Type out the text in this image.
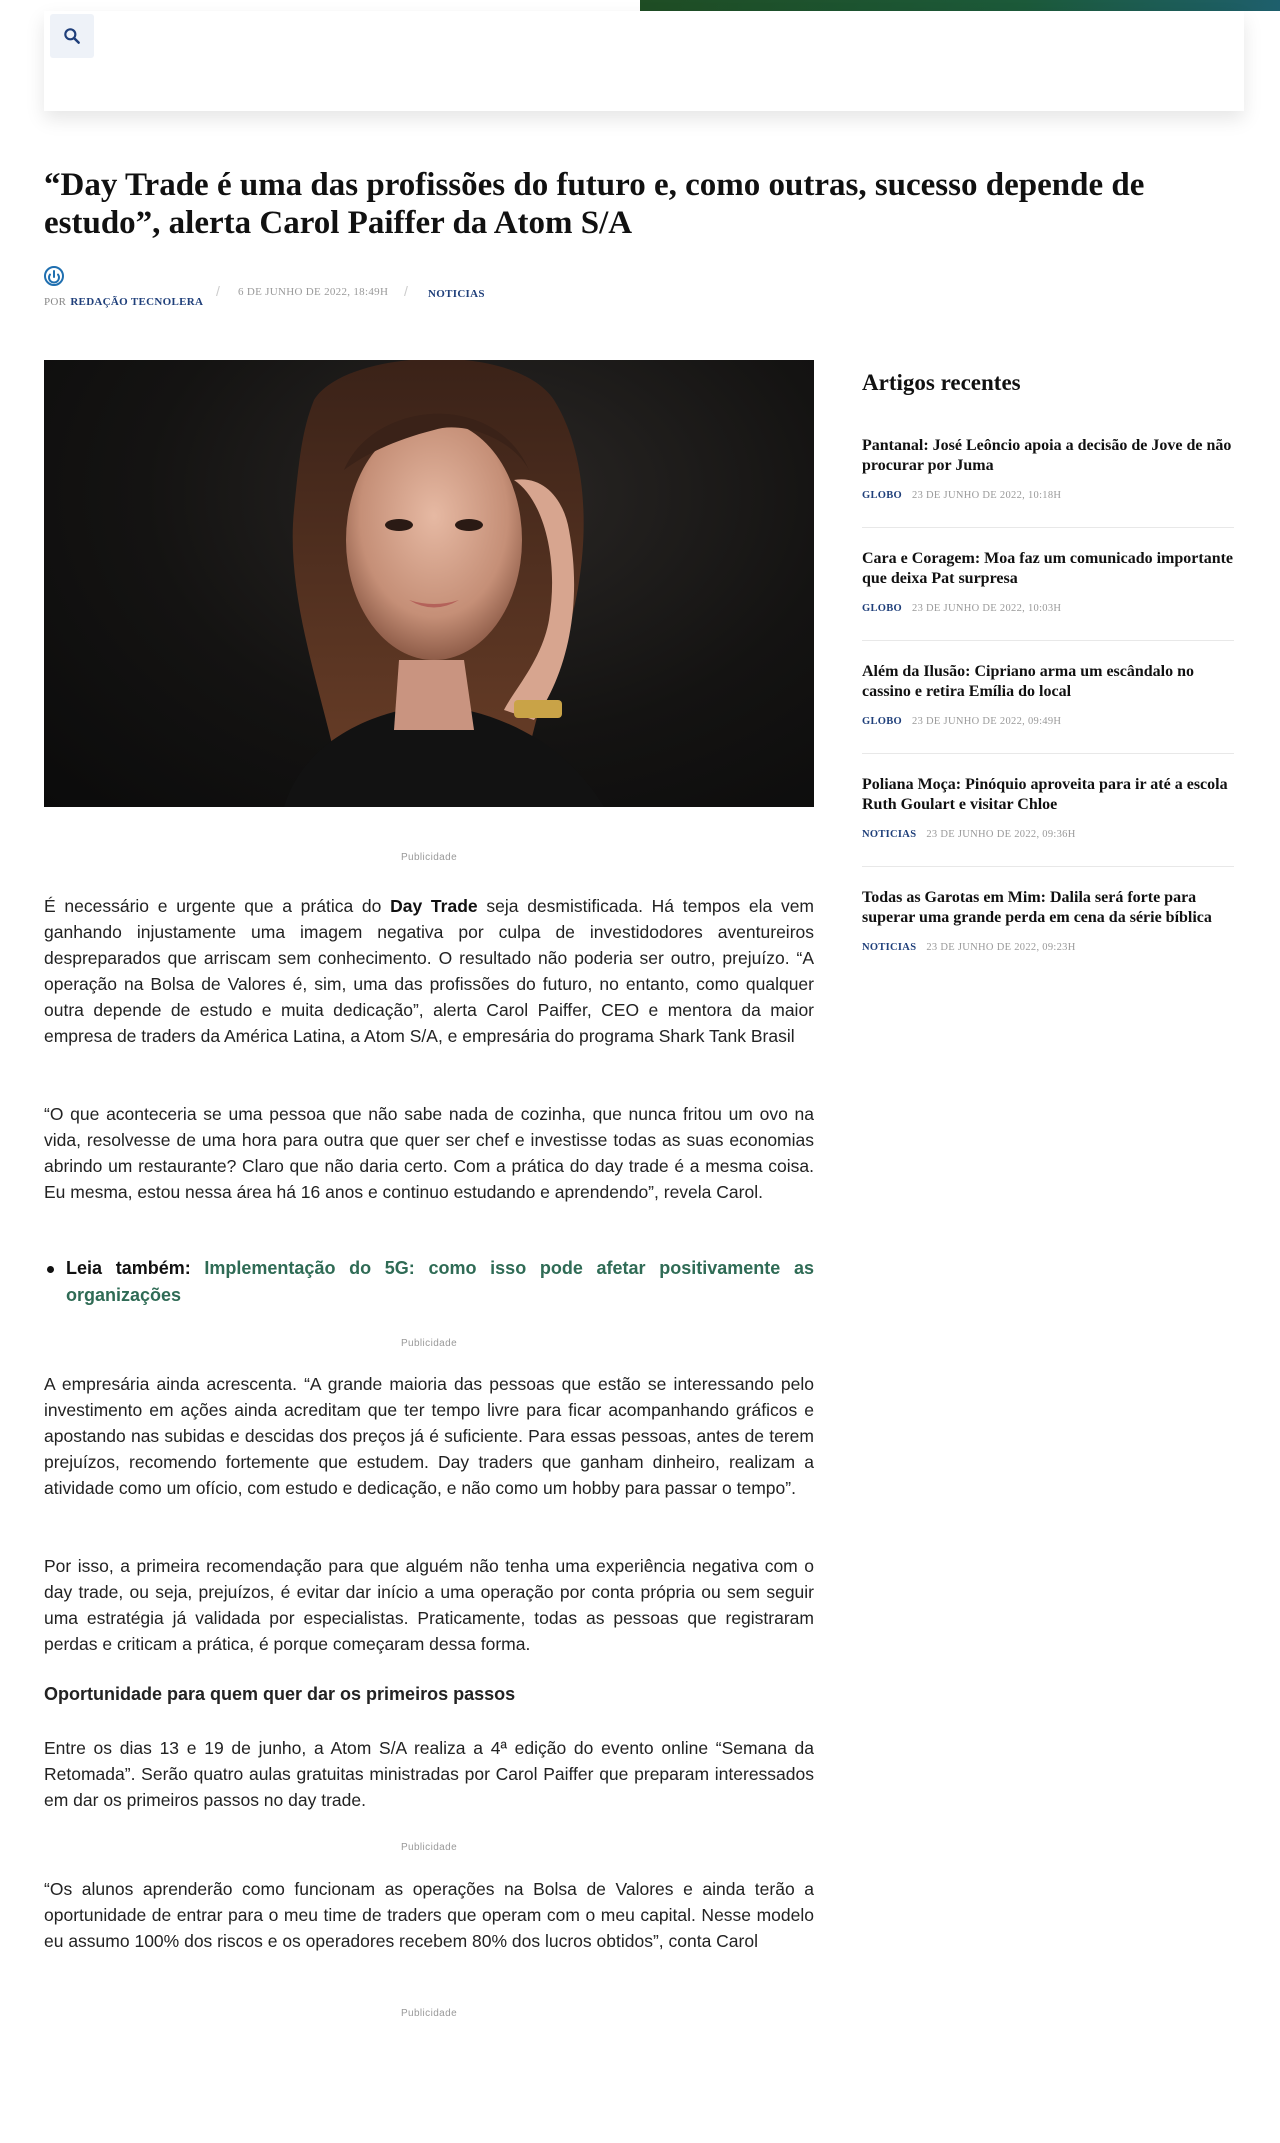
“Day Trade é uma das profissões do futuro e, como outras, sucesso depende de estudo”, alerta Carol Paiffer da Atom S/A
POR REDAÇÃO TECNOLERA
/ 6 DE JUNHO DE 2022, 18:49H / NOTICIAS
Publicidade

É necessário e urgente que a prática do Day Trade seja desmistificada. Há tempos ela vem ganhando injustamente uma imagem negativa por culpa de investidodores aventureiros despreparados que arriscam sem conhecimento. O resultado não poderia ser outro, prejuízo. “A operação na Bolsa de Valores é, sim, uma das profissões do futuro, no entanto, como qualquer outra depende de estudo e muita dedicação”, alerta Carol Paiffer, CEO e mentora da maior empresa de traders da América Latina, a Atom S/A, e empresária do programa Shark Tank Brasil

“O que aconteceria se uma pessoa que não sabe nada de cozinha, que nunca fritou um ovo na vida, resolvesse de uma hora para outra que quer ser chef e investisse todas as suas economias abrindo um restaurante? Claro que não daria certo. Com a prática do day trade é a mesma coisa. Eu mesma, estou nessa área há 16 anos e continuo estudando e aprendendo”, revela Carol.

Leia também: Implementação do 5G: como isso pode afetar positivamente as organizações
Publicidade

A empresária ainda acrescenta. “A grande maioria das pessoas que estão se interessando pelo investimento em ações ainda acreditam que ter tempo livre para ficar acompanhando gráficos e apostando nas subidas e descidas dos preços já é suficiente. Para essas pessoas, antes de terem prejuízos, recomendo fortemente que estudem. Day traders que ganham dinheiro, realizam a atividade como um ofício, com estudo e dedicação, e não como um hobby para passar o tempo”.

Por isso, a primeira recomendação para que alguém não tenha uma experiência negativa com o day trade, ou seja, prejuízos, é evitar dar início a uma operação por conta própria ou sem seguir uma estratégia já validada por especialistas. Praticamente, todas as pessoas que registraram perdas e criticam a prática, é porque começaram dessa forma.

Oportunidade para quem quer dar os primeiros passos

Entre os dias 13 e 19 de junho, a Atom S/A realiza a 4ª edição do evento online “Semana da Retomada”. Serão quatro aulas gratuitas ministradas por Carol Paiffer que preparam interessados em dar os primeiros passos no day trade.

Publicidade

“Os alunos aprenderão como funcionam as operações na Bolsa de Valores e ainda terão a oportunidade de entrar para o meu time de traders que operam com o meu capital. Nesse modelo eu assumo 100% dos riscos e os operadores recebem 80% dos lucros obtidos”, conta Carol

Publicidade
Artigos recentes
Pantanal: José Leôncio apoia a decisão de Jove de não procurar por Juma
GLOBO 23 DE JUNHO DE 2022, 10:18H
Cara e Coragem: Moa faz um comunicado importante que deixa Pat surpresa
GLOBO 23 DE JUNHO DE 2022, 10:03H
Além da Ilusão: Cipriano arma um escândalo no cassino e retira Emília do local
GLOBO 23 DE JUNHO DE 2022, 09:49H
Poliana Moça: Pinóquio aproveita para ir até a escola Ruth Goulart e visitar Chloe
NOTICIAS 23 DE JUNHO DE 2022, 09:36H
Todas as Garotas em Mim: Dalila será forte para superar uma grande perda em cena da série bíblica
NOTICIAS 23 DE JUNHO DE 2022, 09:23H
